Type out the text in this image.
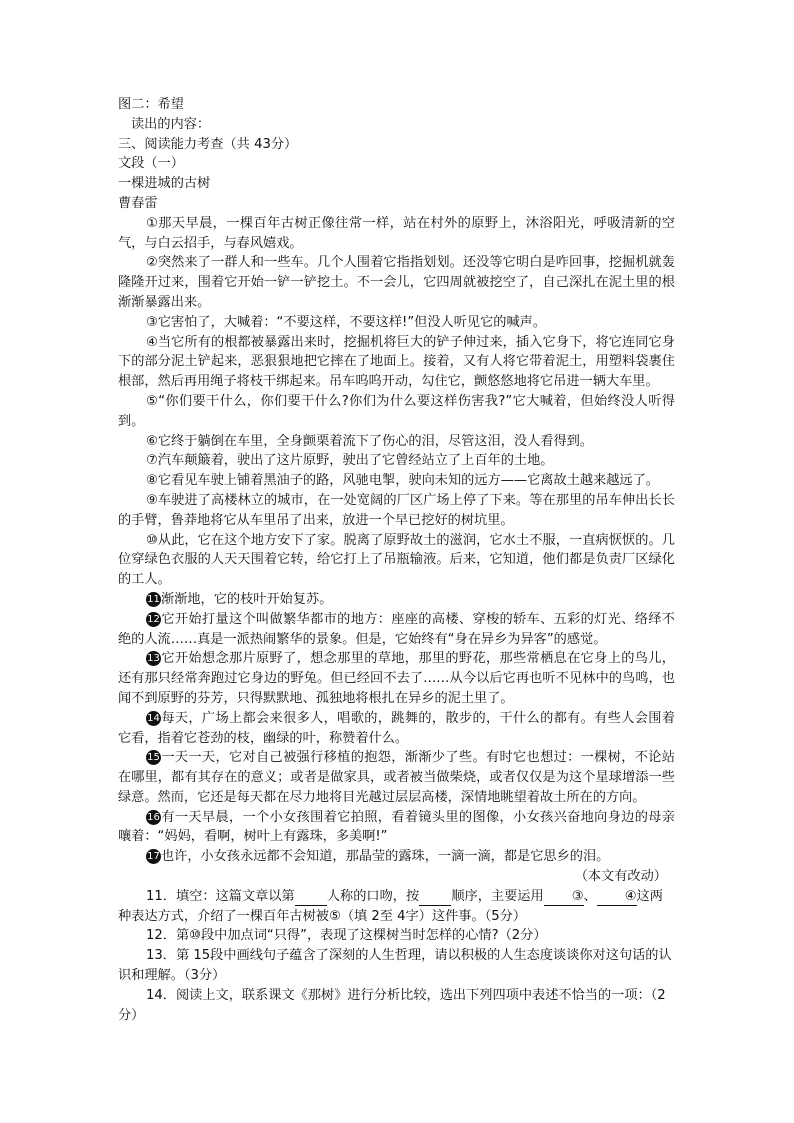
图二：希望
读出的内容：
三、阅读能力考查（共 43分）
文段（一）
一棵进城的古树
曹春雷
①那天早晨，一棵百年古树正像往常一样，站在村外的原野上，沐浴阳光，呼吸清新的空气，与白云招手，与春风嬉戏。
②突然来了一群人和一些车。几个人围着它指指划划。还没等它明白是咋回事，挖掘机就轰隆隆开过来，围着它开始一铲一铲挖土。不一会儿，它四周就被挖空了，自己深扎在泥土里的根渐渐暴露出来。
③它害怕了，大喊着：“不要这样，不要这样!”但没人听见它的喊声。
④当它所有的根都被暴露出来时，挖掘机将巨大的铲子伸过来，插入它身下，将它连同它身下的部分泥土铲起来，恶狠狠地把它摔在了地面上。接着，又有人将它带着泥土，用塑料袋裹住根部，然后再用绳子将枝干绑起来。吊车呜呜开动，勾住它，颤悠悠地将它吊进一辆大车里。
⑤“你们要干什么，你们要干什么?你们为什么要这样伤害我?”它大喊着，但始终没人听得到。
⑥它终于躺倒在车里，全身颤栗着流下了伤心的泪，尽管这泪，没人看得到。
⑦汽车颠簸着，驶出了这片原野，驶出了它曾经站立了上百年的土地。
⑧它看见车驶上铺着黑油子的路，风驰电掣，驶向未知的远方——它离故土越来越远了。
⑨车驶进了高楼林立的城市，在一处宽阔的厂区广场上停了下来。等在那里的吊车伸出长长的手臂，鲁莽地将它从车里吊了出来，放进一个早已挖好的树坑里。
⑩从此，它在这个地方安下了家。脱离了原野故土的滋润，它水土不服，一直病恹恹的。几位穿绿色衣服的人天天围着它转，给它打上了吊瓶输液。后来，它知道，他们都是负责厂区绿化的工人。
11渐渐地，它的枝叶开始复苏。
12它开始打量这个叫做繁华都市的地方：座座的高楼、穿梭的轿车、五彩的灯光、络绎不绝的人流……真是一派热闹繁华的景象。但是，它始终有“身在异乡为异客”的感觉。
13它开始想念那片原野了，想念那里的草地，那里的野花，那些常栖息在它身上的鸟儿，还有那只经常奔跑过它身边的野兔。但已经回不去了……从今以后它再也听不见林中的鸟鸣，也闻不到原野的芬芳，只得默默地、孤独地将根扎在异乡的泥土里了。
14每天，广场上都会来很多人，唱歌的，跳舞的，散步的，干什么的都有。有些人会围着它看，指着它苍劲的枝，幽绿的叶，称赞着什么。
15一天一天，它对自己被强行移植的抱怨，渐渐少了些。有时它也想过：一棵树，不论站在哪里，都有其存在的意义；或者是做家具，或者被当做柴烧，或者仅仅是为这个星球增添一些绿意。然而，它还是每天都在尽力地将目光越过层层高楼，深情地眺望着故土所在的方向。
16有一天早晨，一个小女孩围着它拍照，看着镜头里的图像，小女孩兴奋地向身边的母亲嚷着：“妈妈，看啊，树叶上有露珠，多美啊!”
17也许，小女孩永远都不会知道，那晶莹的露珠，一滴一滴，都是它思乡的泪。
（本文有改动）
11．填空：这篇文章以第 人称的口吻，按 顺序，主要运用 ③、 ④这两种表达方式，介绍了一棵百年古树被⑤（填 2至 4字）这件事。（5分）
12．第⑩段中加点词“只得”，表现了这棵树当时怎样的心情?（2分）
13．第 15段中画线句子蕴含了深刻的人生哲理，请以积极的人生态度谈谈你对这句话的认识和理解。（3分）
14．阅读上文，联系课文《那树》进行分析比较，选出下列四项中表述不恰当的一项：（2分）
